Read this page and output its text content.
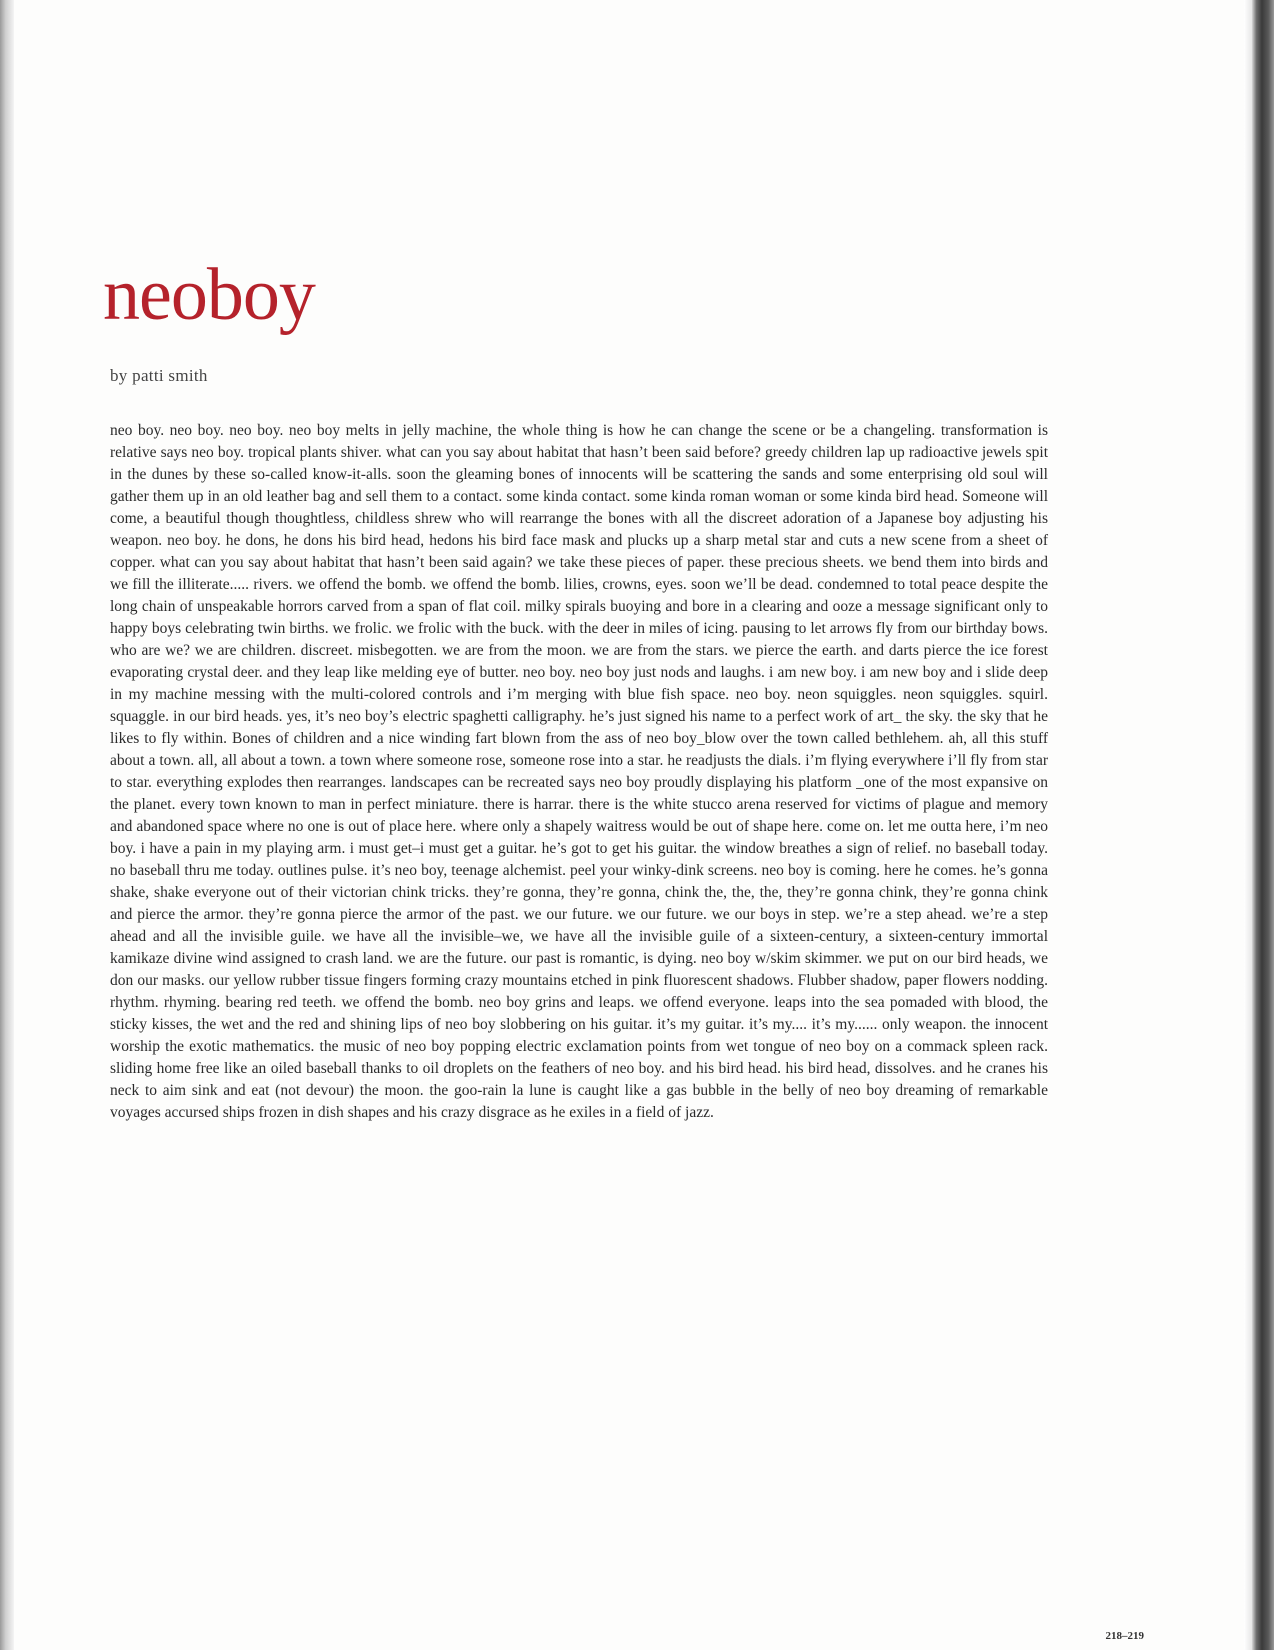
neoboy
by patti smith

neo boy. neo boy. neo boy. neo boy melts in jelly machine, the whole thing is how he can change the scene or be a changeling. transformation is relative says neo boy. tropical plants shiver. what can you say about habitat that hasn’t been said before? greedy children lap up radioactive jewels spit in the dunes by these so-called know-it-alls. soon the gleaming bones of innocents will be scattering the sands and some enterprising old soul will gather them up in an old leather bag and sell them to a contact. some kinda contact. some kinda roman woman or some kinda bird head. Someone will come, a beautiful though thoughtless, childless shrew who will rearrange the bones with all the discreet adoration of a Japanese boy adjusting his weapon. neo boy. he dons, he dons his bird head, hedons his bird face mask and plucks up a sharp metal star and cuts a new scene from a sheet of copper. what can you say about habitat that hasn’t been said again? we take these pieces of paper. these precious sheets. we bend them into birds and we fill the illiterate..... rivers. we offend the bomb. we offend the bomb. lilies, crowns, eyes. soon we’ll be dead. condemned to total peace despite the long chain of unspeakable horrors carved from a span of flat coil. milky spirals buoying and bore in a clearing and ooze a message significant only to happy boys celebrating twin births. we frolic. we frolic with the buck. with the deer in miles of icing. pausing to let arrows fly from our birthday bows. who are we? we are children. discreet. misbegotten. we are from the moon. we are from the stars. we pierce the earth. and darts pierce the ice forest evaporating crystal deer. and they leap like melding eye of butter. neo boy. neo boy just nods and laughs. i am new boy. i am new boy and i slide deep in my machine messing with the multi-colored controls and i’m merging with blue fish space. neo boy. neon squiggles. neon squiggles. squirl. squaggle. in our bird heads. yes, it’s neo boy’s electric spaghetti calligraphy. he’s just signed his name to a perfect work of art_ the sky. the sky that he likes to fly within. Bones of children and a nice winding fart blown from the ass of neo boy_blow over the town called bethlehem. ah, all this stuff about a town. all, all about a town. a town where someone rose, someone rose into a star. he readjusts the dials. i’m flying everywhere i’ll fly from star to star. everything explodes then rearranges. landscapes can be recreated says neo boy proudly displaying his platform _one of the most expansive on the planet. every town known to man in perfect miniature. there is harrar. there is the white stucco arena reserved for victims of plague and memory and abandoned space where no one is out of place here. where only a shapely waitress would be out of shape here. come on. let me outta here, i’m neo boy. i have a pain in my playing arm. i must get–i must get a guitar. he’s got to get his guitar. the window breathes a sign of relief. no baseball today. no baseball thru me today. outlines pulse. it’s neo boy, teenage alchemist. peel your winky-dink screens. neo boy is coming. here he comes. he’s gonna shake, shake everyone out of their victorian chink tricks. they’re gonna, they’re gonna, chink the, the, the, they’re gonna chink, they’re gonna chink and pierce the armor. they’re gonna pierce the armor of the past. we our future. we our future. we our boys in step. we’re a step ahead. we’re a step ahead and all the invisible guile. we have all the invisible–we, we have all the invisible guile of a sixteen-century, a sixteen-century immortal kamikaze divine wind assigned to crash land. we are the future. our past is romantic, is dying. neo boy w/skim skimmer. we put on our bird heads, we don our masks. our yellow rubber tissue fingers forming crazy mountains etched in pink fluorescent shadows. Flubber shadow, paper flowers nodding. rhythm. rhyming. bearing red teeth. we offend the bomb. neo boy grins and leaps. we offend everyone. leaps into the sea pomaded with blood, the sticky kisses, the wet and the red and shining lips of neo boy slobbering on his guitar. it’s my guitar. it’s my.... it’s my...... only weapon. the innocent worship the exotic mathematics. the music of neo boy popping electric exclamation points from wet tongue of neo boy on a commack spleen rack. sliding home free like an oiled baseball thanks to oil droplets on the feathers of neo boy. and his bird head. his bird head, dissolves. and he cranes his neck to aim sink and eat (not devour) the moon. the goo-rain la lune is caught like a gas bubble in the belly of neo boy dreaming of remarkable voyages accursed ships frozen in dish shapes and his crazy disgrace as he exiles in a field of jazz.

218–219
